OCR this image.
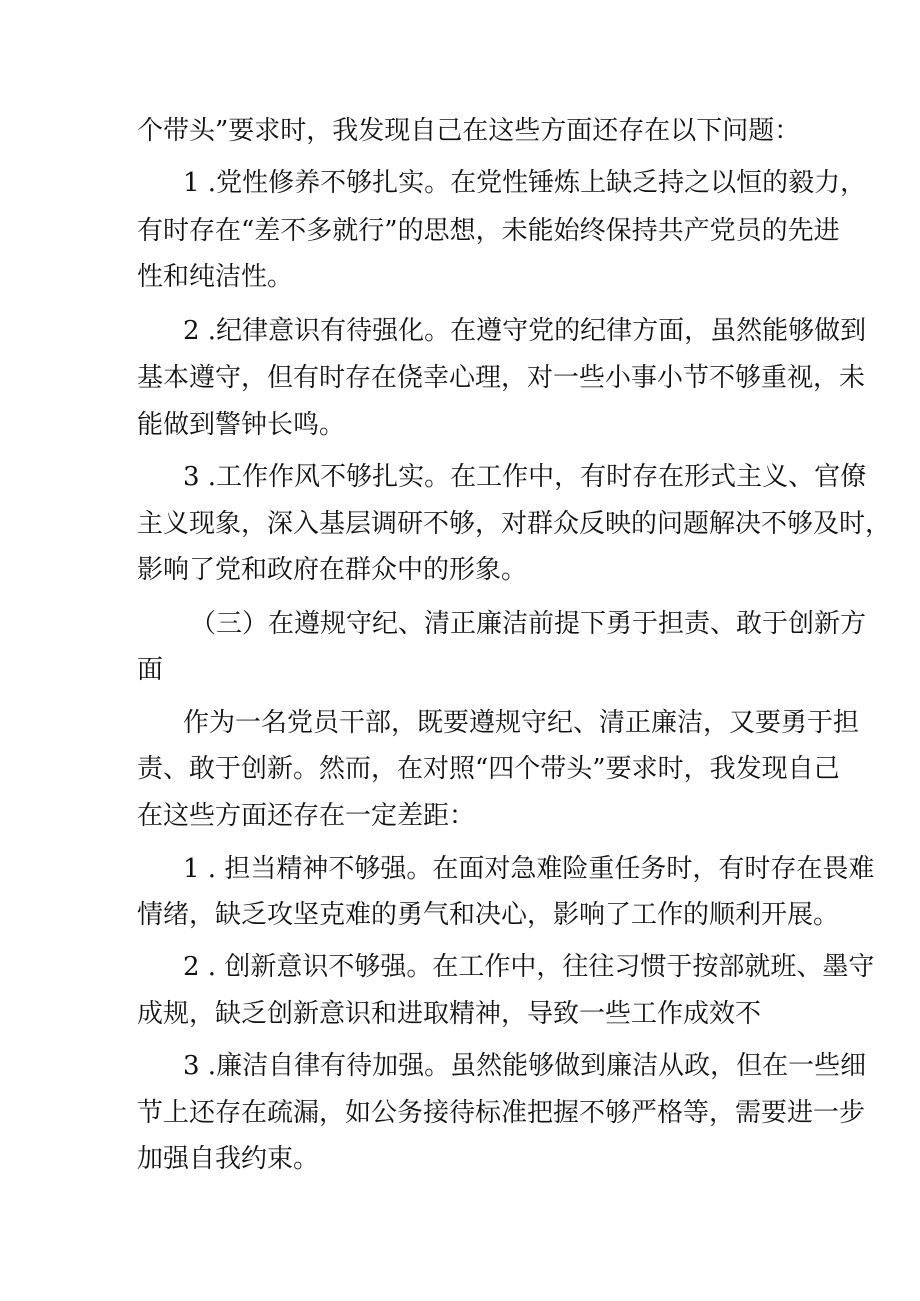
个带头”要求时，我发现自己在这些方面还存在以下问题：
1 .党性修养不够扎实。在党性锤炼上缺乏持之以恒的毅力，
有时存在“差不多就行”的思想，未能始终保持共产党员的先进
性和纯洁性。
2 .纪律意识有待强化。在遵守党的纪律方面，虽然能够做到
基本遵守，但有时存在侥幸心理，对一些小事小节不够重视，未
能做到警钟长鸣。
3 .工作作风不够扎实。在工作中，有时存在形式主义、官僚
主义现象，深入基层调研不够，对群众反映的问题解决不够及时，
影响了党和政府在群众中的形象。
（三）在遵规守纪、清正廉洁前提下勇于担责、敢于创新方
面
作为一名党员干部，既要遵规守纪、清正廉洁，又要勇于担
责、敢于创新。然而，在对照“四个带头”要求时，我发现自己
在这些方面还存在一定差距：
1 . 担当精神不够强。在面对急难险重任务时，有时存在畏难
情绪，缺乏攻坚克难的勇气和决心，影响了工作的顺利开展。
2 . 创新意识不够强。在工作中，往往习惯于按部就班、墨守
成规，缺乏创新意识和进取精神，导致一些工作成效不
3 .廉洁自律有待加强。虽然能够做到廉洁从政，但在一些细
节上还存在疏漏，如公务接待标准把握不够严格等，需要进一步
加强自我约束。
